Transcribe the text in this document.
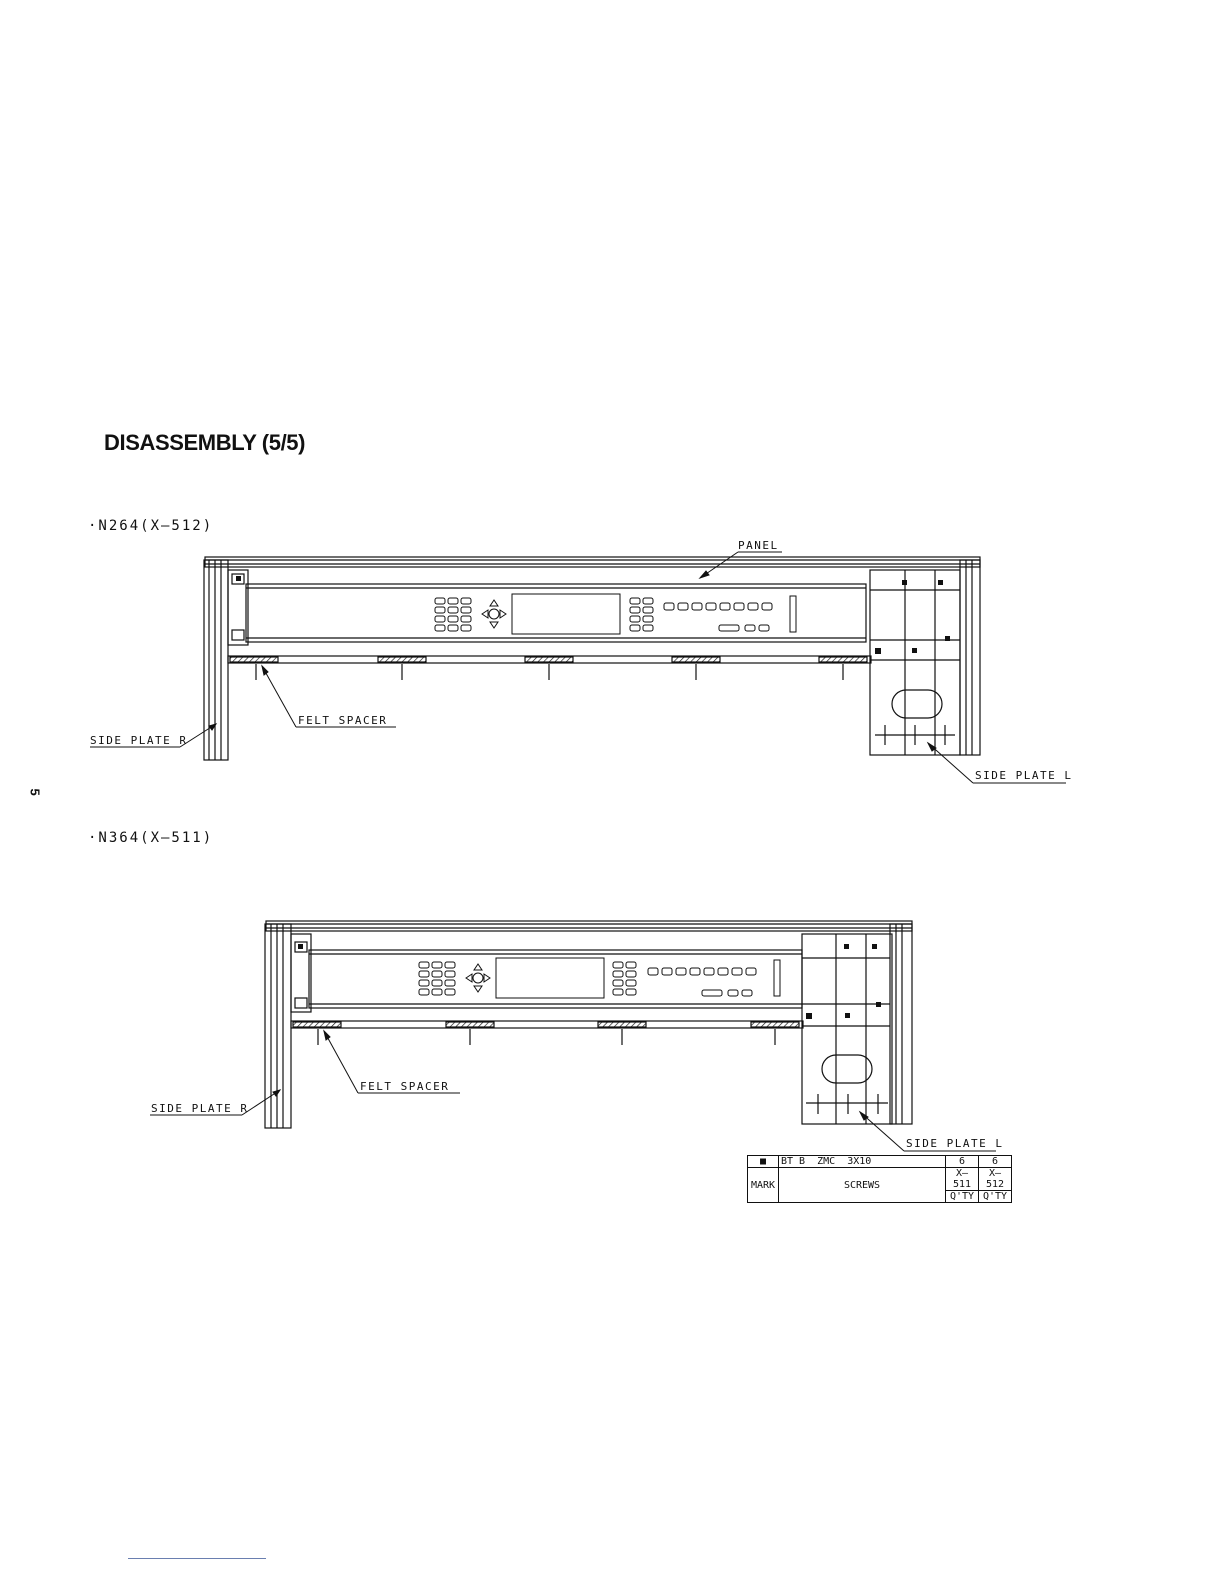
DISASSEMBLY (5/5)
5
·N264(X—512)
·N364(X—511)
PANEL
FELT SPACER
SIDE PLATE R
SIDE PLATE L
FELT SPACER
SIDE PLATE R
SIDE PLATE L
■	BT B  ZMC  3X10	6	6
MARK	SCREWS	X—511	X—512
		Q'TY	Q'TY
